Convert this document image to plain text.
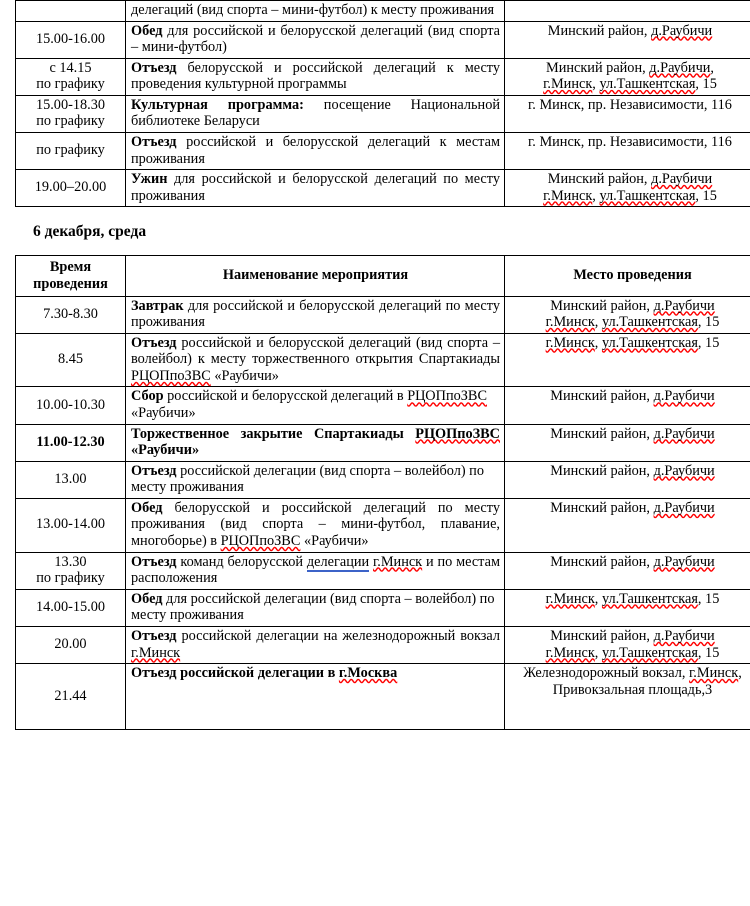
	делегаций (вид спорта – мини-футбол) к месту проживания	
15.00-16.00	Обед для российской и белорусской делегаций (вид спорта – мини-футбол)	Минский район, д.Раубичи
с 14.15
по графику	Отъезд белорусской и российской делегаций к месту проведения культурной программы	Минский район, д.Раубичи,
г.Минск, ул.Ташкентская, 15
15.00-18.30
по графику	Культурная программа: посещение Национальной библиотеке Беларуси	г. Минск, пр. Независимости, 116
по графику	Отъезд российской и белорусской делегаций к местам проживания	г. Минск, пр. Независимости, 116
19.00–20.00	Ужин для российской и белорусской делегаций по месту проживания	Минский район, д.Раубичи
г.Минск, ул.Ташкентская, 15
6 декабря, среда
Время
проведения	Наименование мероприятия	Место проведения
7.30-8.30	Завтрак для российской и белорусской делегаций по месту проживания	Минский район, д.Раубичи
г.Минск, ул.Ташкентская, 15
8.45	Отъезд российской и белорусской делегаций (вид спорта – волейбол) к месту торжественного открытия Спартакиады РЦОПпоЗВС «Раубичи»	г.Минск, ул.Ташкентская, 15
10.00-10.30	Сбор российской и белорусской делегаций в РЦОПпоЗВС «Раубичи»	Минский район, д.Раубичи
11.00-12.30	Торжественное закрытие Спартакиады РЦОПпоЗВС «Раубичи»	Минский район, д.Раубичи
13.00	Отъезд российской делегации (вид спорта – волейбол) по месту проживания	Минский район, д.Раубичи
13.00-14.00	Обед белорусской и российской делегаций по месту проживания (вид спорта – мини-футбол, плавание, многоборье) в РЦОПпоЗВС «Раубичи»	Минский район, д.Раубичи
13.30
по графику	Отъезд команд белорусской делегации г.Минск и по местам расположения	Минский район, д.Раубичи
14.00-15.00	Обед для российской делегации (вид спорта – волейбол) по месту проживания	г.Минск, ул.Ташкентская, 15
20.00	Отъезд российской делегации на железнодорожный вокзал г.Минск	Минский район, д.Раубичи
г.Минск, ул.Ташкентская, 15
21.44	Отъезд российской делегации в г.Москва	Железнодорожный вокзал, г.Минск, Привокзальная площадь,3
